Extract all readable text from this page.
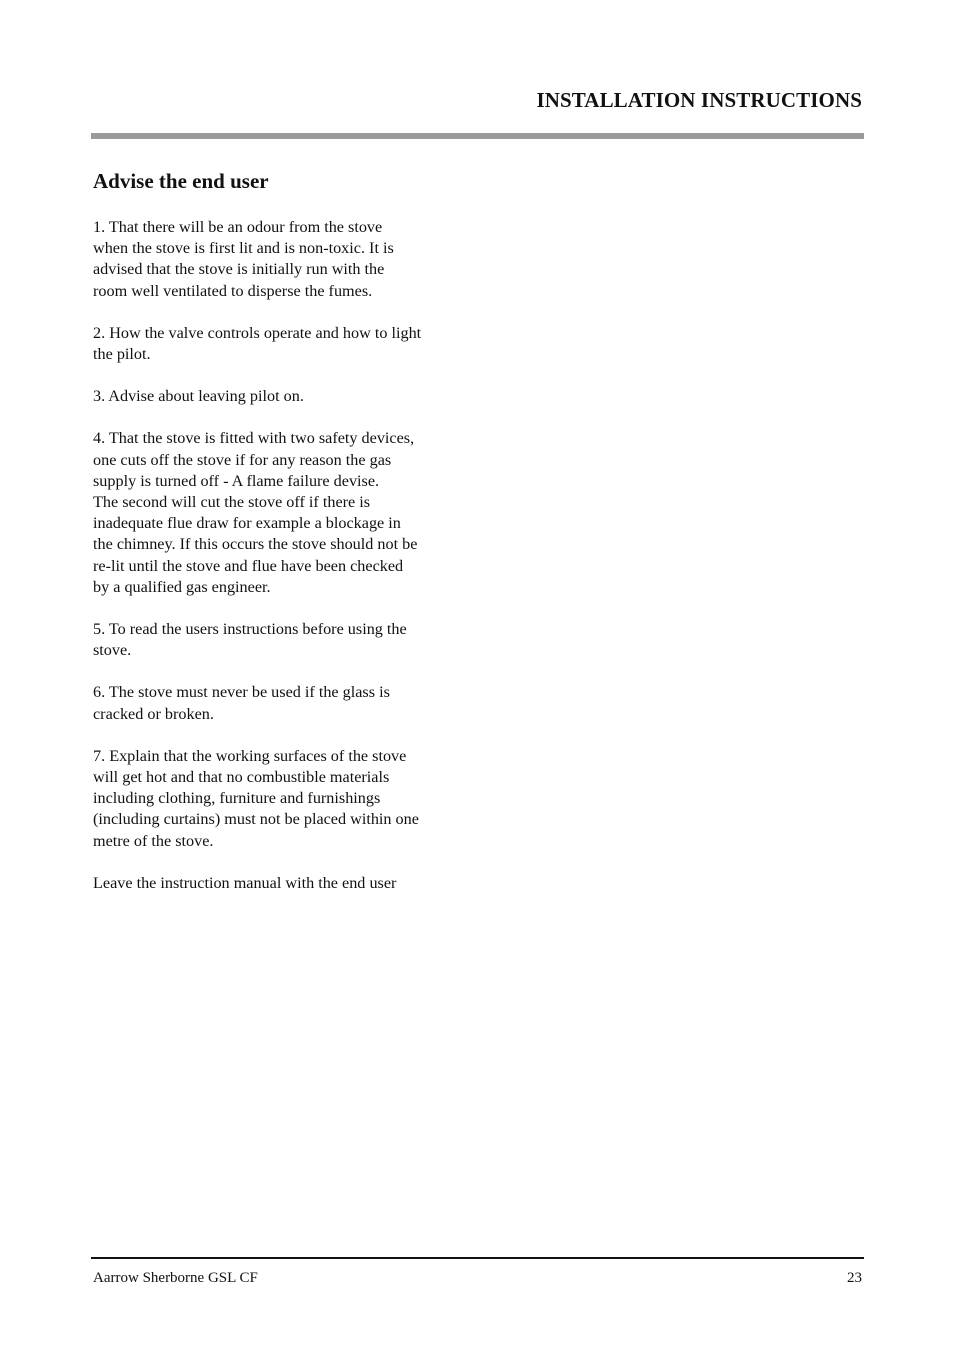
INSTALLATION INSTRUCTIONS
Advise the end user

1. That there will be an odour from the stove
when the stove is first lit and is non-toxic. It is
advised that the stove is initially run with the
room well ventilated to disperse the fumes.

2. How the valve controls operate and how to light
the pilot.

3. Advise about leaving pilot on.

4. That the stove is fitted with two safety devices,
one cuts off the stove if for any reason the gas
supply is turned off - A flame failure devise.
The second will cut the stove off if there is
inadequate flue draw for example a blockage in
the chimney. If this occurs the stove should not be
re-lit until the stove and flue have been checked
by a qualified gas engineer.

5. To read the users instructions before using the
stove.

6. The stove must never be used if the glass is
cracked or broken.

7. Explain that the working surfaces of the stove
will get hot and that no combustible materials
including clothing, furniture and furnishings
(including curtains) must not be placed within one
metre of the stove.

Leave the instruction manual with the end user

Aarrow Sherborne GSL CF	23
